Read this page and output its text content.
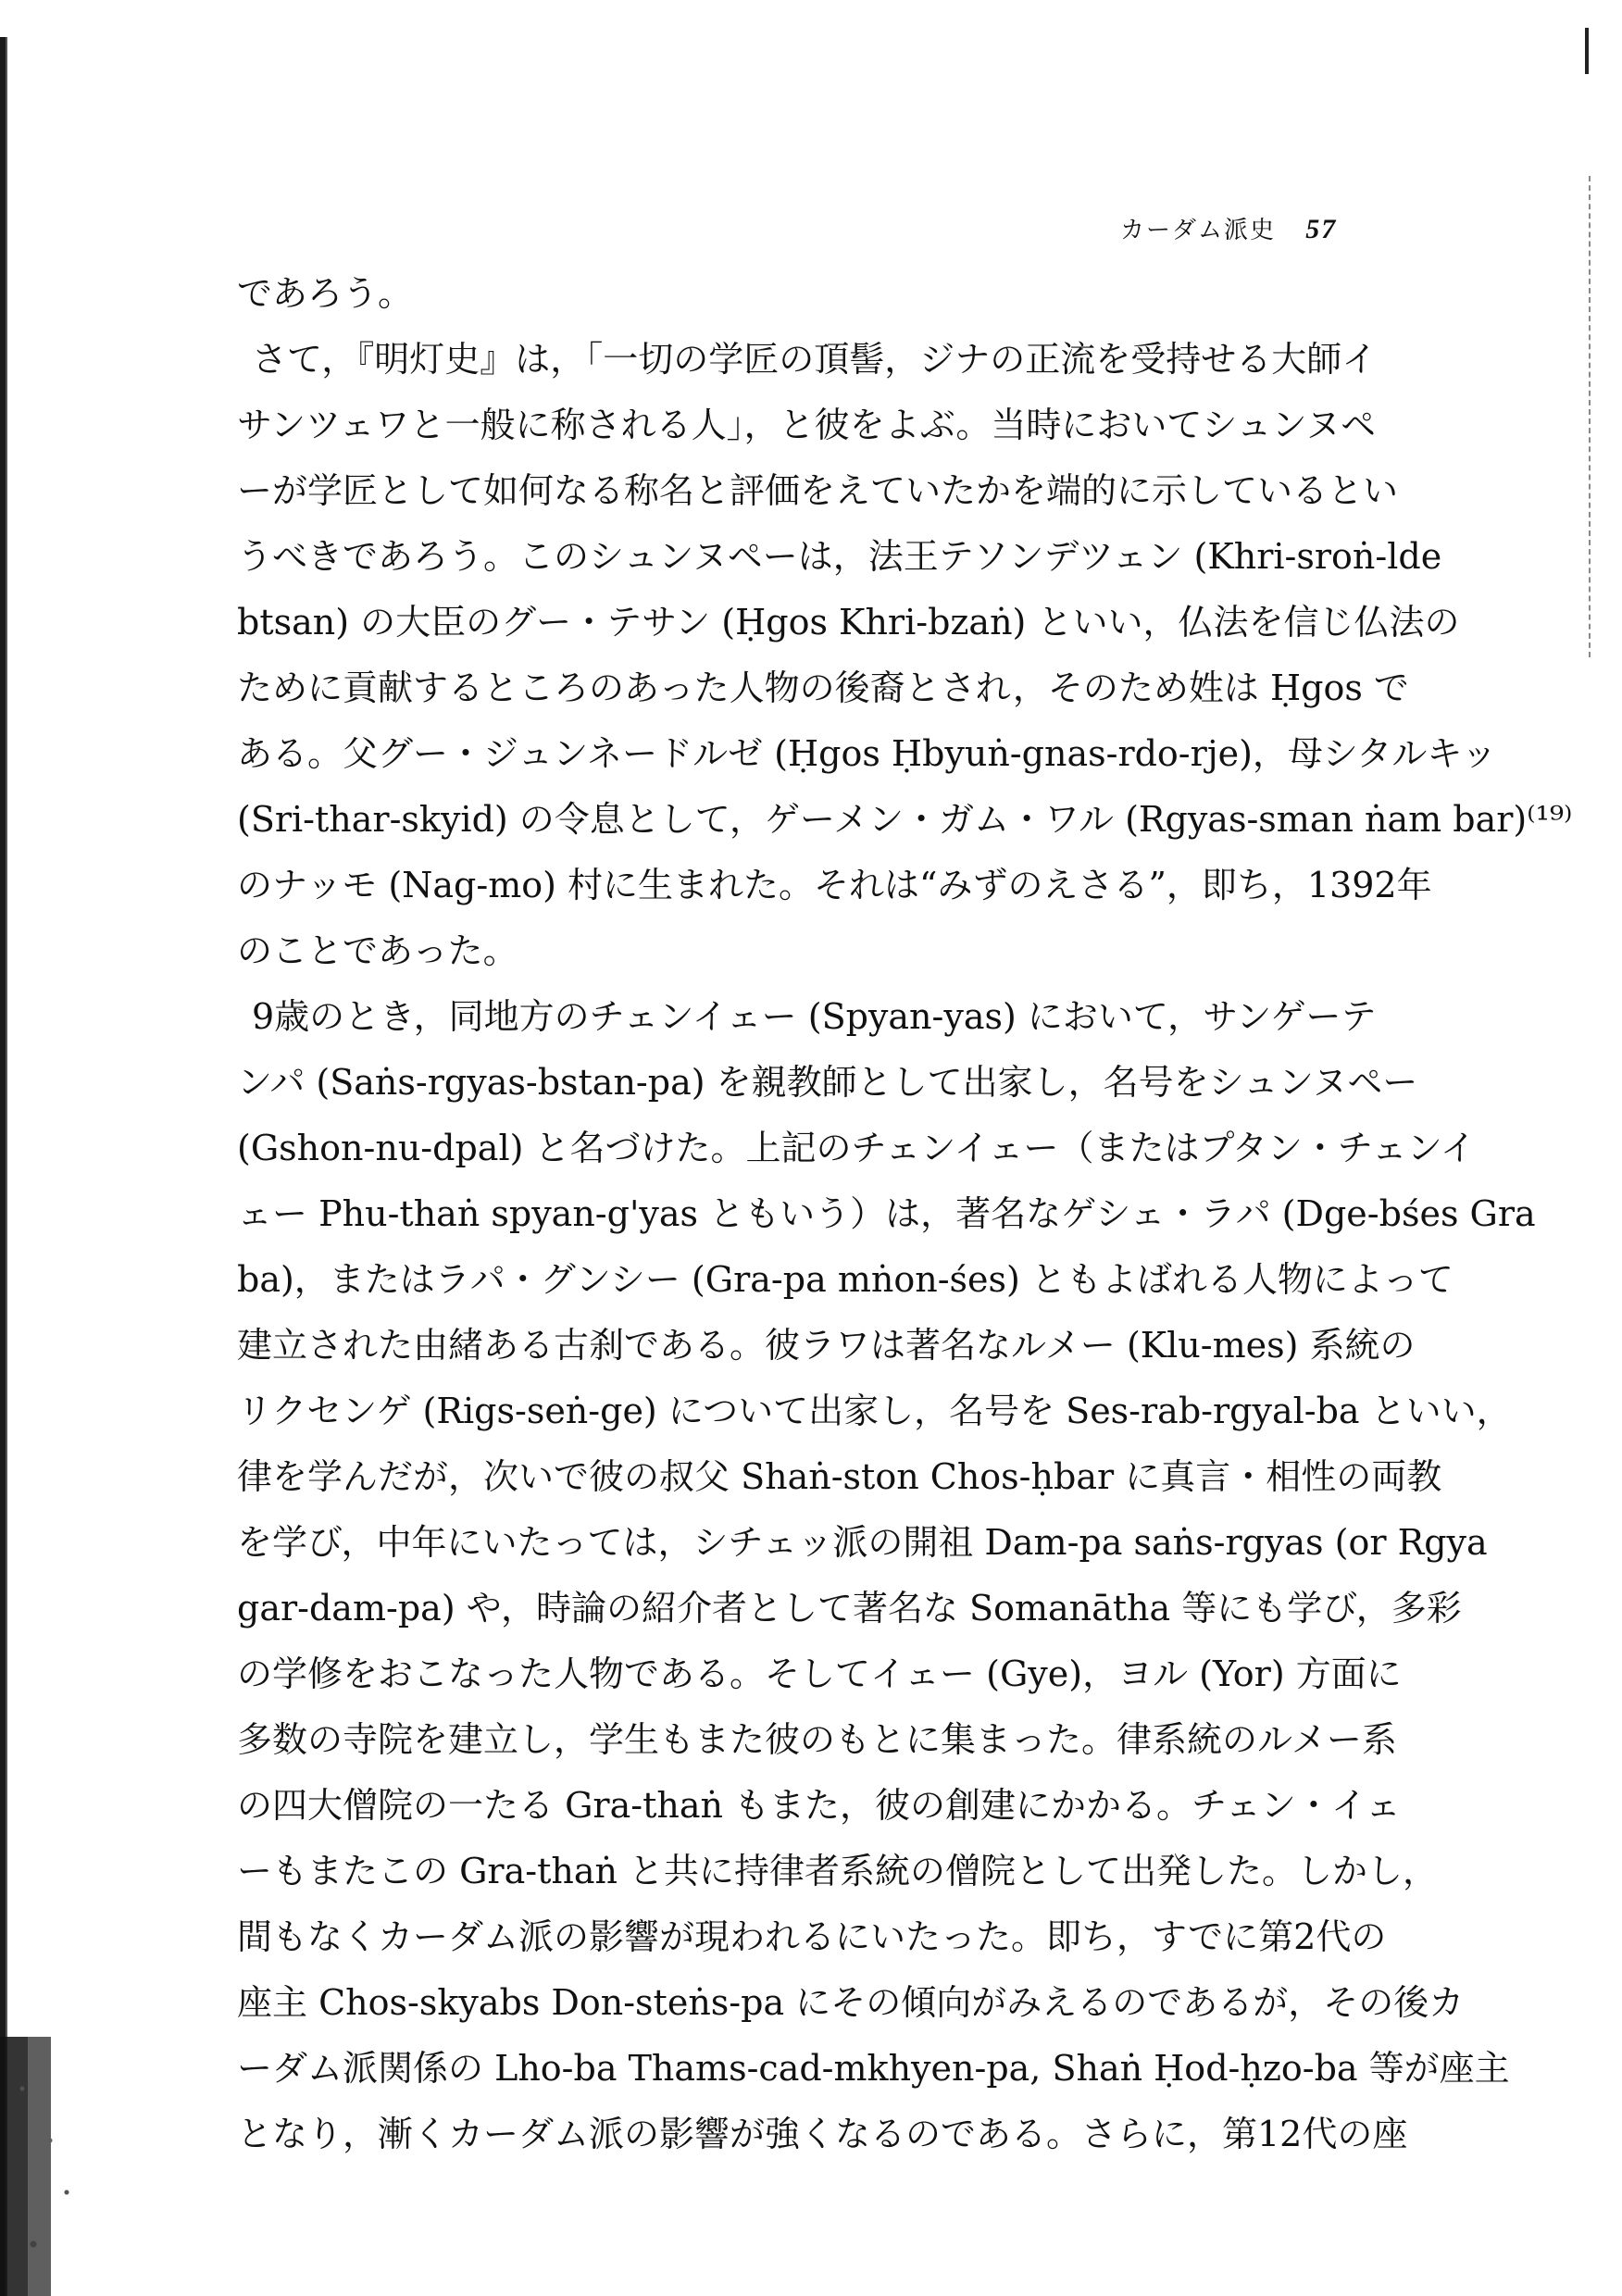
カーダム派史 57
であろう。
さて，『明灯史』は，「一切の学匠の頂髻，ジナの正流を受持せる大師イ
サンツェワと一般に称される人」，と彼をよぶ。当時においてシュンヌペ
ーが学匠として如何なる称名と評価をえていたかを端的に示しているとい
うべきであろう。このシュンヌペーは，法王テソンデツェン (Khri-sroṅ-lde
btsan) の大臣のグー・テサン (Ḥgos Khri-bzaṅ) といい，仏法を信じ仏法の
ために貢献するところのあった人物の後裔とされ，そのため姓は Ḥgos で
ある。父グー・ジュンネードルゼ (Ḥgos Ḥbyuṅ-gnas-rdo-rje)，母シタルキッ
(Sri-thar-skyid) の令息として，ゲーメン・ガム・ワル (Rgyas-sman ṅam bar)⁽¹⁹⁾
のナッモ (Nag-mo) 村に生まれた。それは“みずのえさる”，即ち，1392年
のことであった。
9歳のとき，同地方のチェンイェー (Spyan-yas) において，サンゲーテ
ンパ (Saṅs-rgyas-bstan-pa) を親教師として出家し，名号をシュンヌペー
(Gshon-nu-dpal) と名づけた。上記のチェンイェー（またはプタン・チェンイ
ェー Phu-thaṅ spyan-g'yas ともいう）は，著名なゲシェ・ラパ (Dge-bśes Gra
ba)，またはラパ・グンシー (Gra-pa mṅon-śes) ともよばれる人物によって
建立された由緒ある古刹である。彼ラワは著名なルメー (Klu-mes) 系統の
リクセンゲ (Rigs-seṅ-ge) について出家し，名号を Ses-rab-rgyal-ba といい，
律を学んだが，次いで彼の叔父 Shaṅ-ston Chos-ḥbar に真言・相性の両教
を学び，中年にいたっては，シチェッ派の開祖 Dam-pa saṅs-rgyas (or Rgya
gar-dam-pa) や，時論の紹介者として著名な Somanātha 等にも学び，多彩
の学修をおこなった人物である。そしてイェー (Gye)，ヨル (Yor) 方面に
多数の寺院を建立し，学生もまた彼のもとに集まった。律系統のルメー系
の四大僧院の一たる Gra-thaṅ もまた，彼の創建にかかる。チェン・イェ
ーもまたこの Gra-thaṅ と共に持律者系統の僧院として出発した。しかし，
間もなくカーダム派の影響が現われるにいたった。即ち，すでに第2代の
座主 Chos-skyabs Don-steṅs-pa にその傾向がみえるのであるが，その後カ
ーダム派関係の Lho-ba Thams-cad-mkhyen-pa, Shaṅ Ḥod-ḥzo-ba 等が座主
となり，漸くカーダム派の影響が強くなるのである。さらに，第12代の座
